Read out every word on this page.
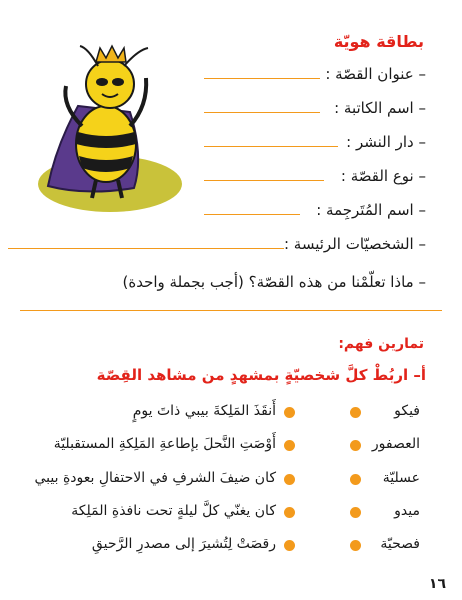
بطاقة هويّة
– عنوان القصّة :
– اسم الكاتبة :
– دار النشر :
– نوع القصّة :
– اسم المُتَرجِمة :
– الشخصيّات الرئيسة :
– ماذا تعلّمْنا من هذه القصّة؟ (أجب بجملة واحدة)
تمارين فهم:
أ– اربُطْ كلَّ شخصيّةٍ بمشهدٍ من مشاهد القِصّة
فيكو
أَنقَذَ المَلِكةَ بيبي ذاتَ يومٍ
العصفور
أَوْصَتِ النَّحلَ بإطاعةِ المَلِكةِ المستقبليّة
عسليّة
كان ضيفَ الشرفِ في الاحتفالِ بعودةِ بيبي
ميدو
كان يغنّي كلَّ ليلةٍ تحت نافذةِ المَلِكة
فصحيّة
رقصَتْ لِتُشيرَ إلى مصدرِ الرَّحيقِ
١٦
